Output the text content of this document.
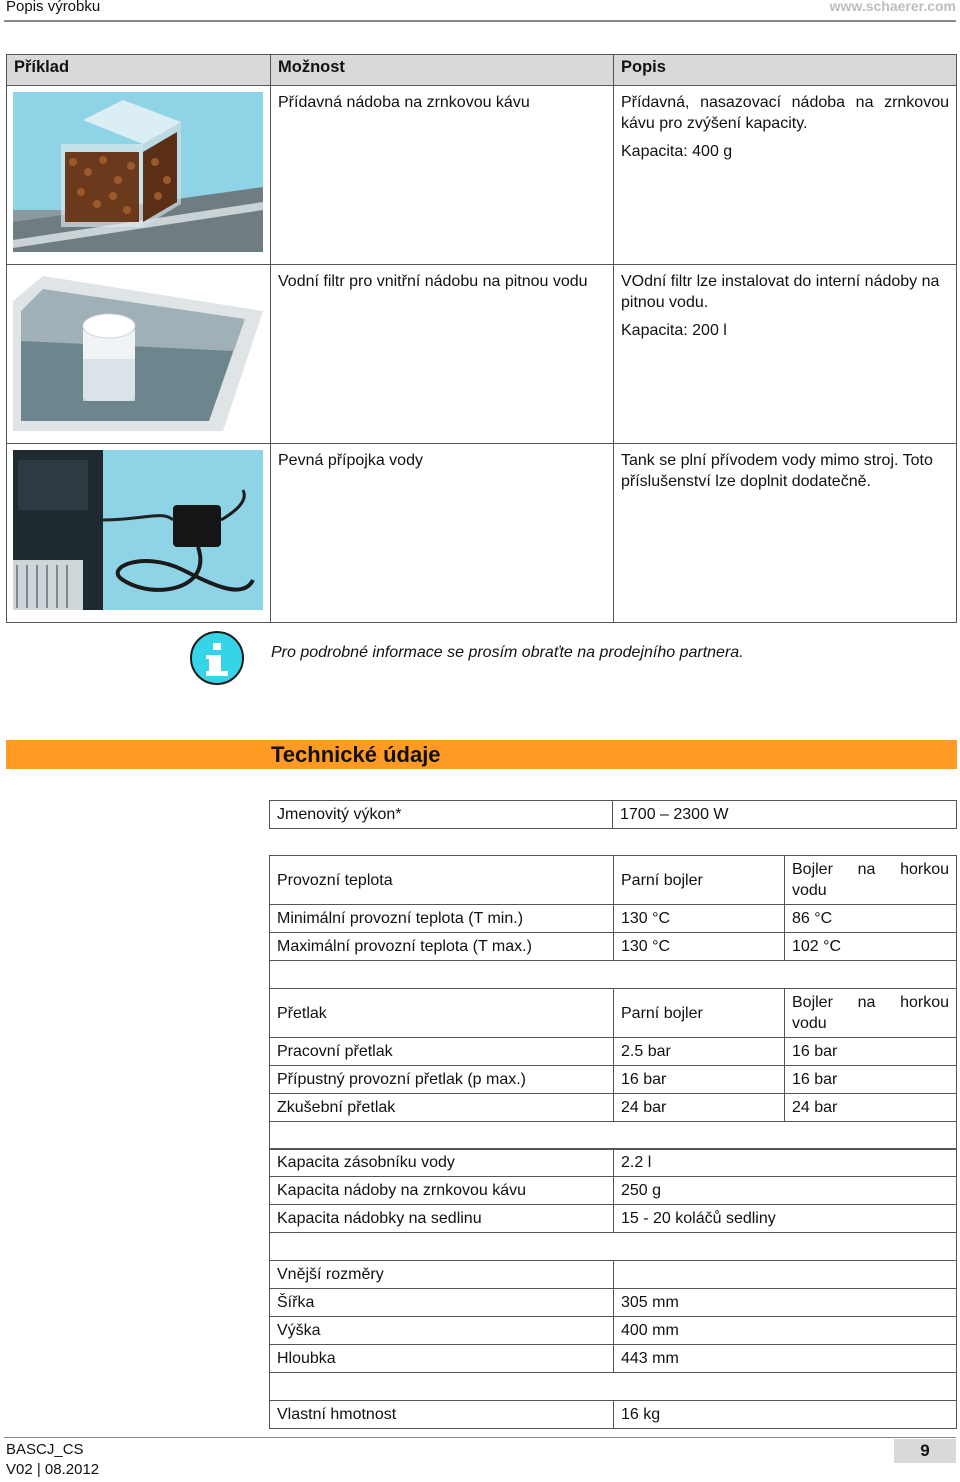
Popis výrobku	www.schaerer.com
Příklad	Možnost	Popis
	Přídavná nádoba na zrnkovou kávu	Přídavná, nasazovací nádoba na zrnkovou kávu pro zvýšení kapacity.

Kapacita: 400 g

	Vodní filtr pro vnitřní nádobu na pitnou vodu	VOdní filtr lze instalovat do interní nádoby na pitnou vodu.

Kapacita: 200 l

	Pevná přípojka vody	Tank se plní přívodem vody mimo stroj. Toto příslušenství lze doplnit dodatečně.

Pro podrobné informace se prosím obraťte na prodejního partnera.
Technické údaje
Jmenovitý výkon*	1700 – 2300 W
Provozní teplota	Parní bojler	Bojler na horkou
vodu

Minimální provozní teplota (T min.)	130 °C	86 °C
Maximální provozní teplota (T max.)	130 °C	102 °C

Přetlak	Parní bojler	Bojler na horkou
vodu

Pracovní přetlak	2.5 bar	16 bar
Přípustný provozní přetlak (p max.)	16 bar	16 bar
Zkušební přetlak	24 bar	24 bar

Kapacita zásobníku vody	2.2 l
Kapacita nádoby na zrnkovou kávu	250 g
Kapacita nádobky na sedlinu	15 - 20 koláčů sedliny

Vnější rozměry	
Šířka	305 mm
Výška	400 mm
Hloubka	443 mm

Vlastní hmotnost	16 kg
BASCJ_CS
V02 | 08.2012
9
